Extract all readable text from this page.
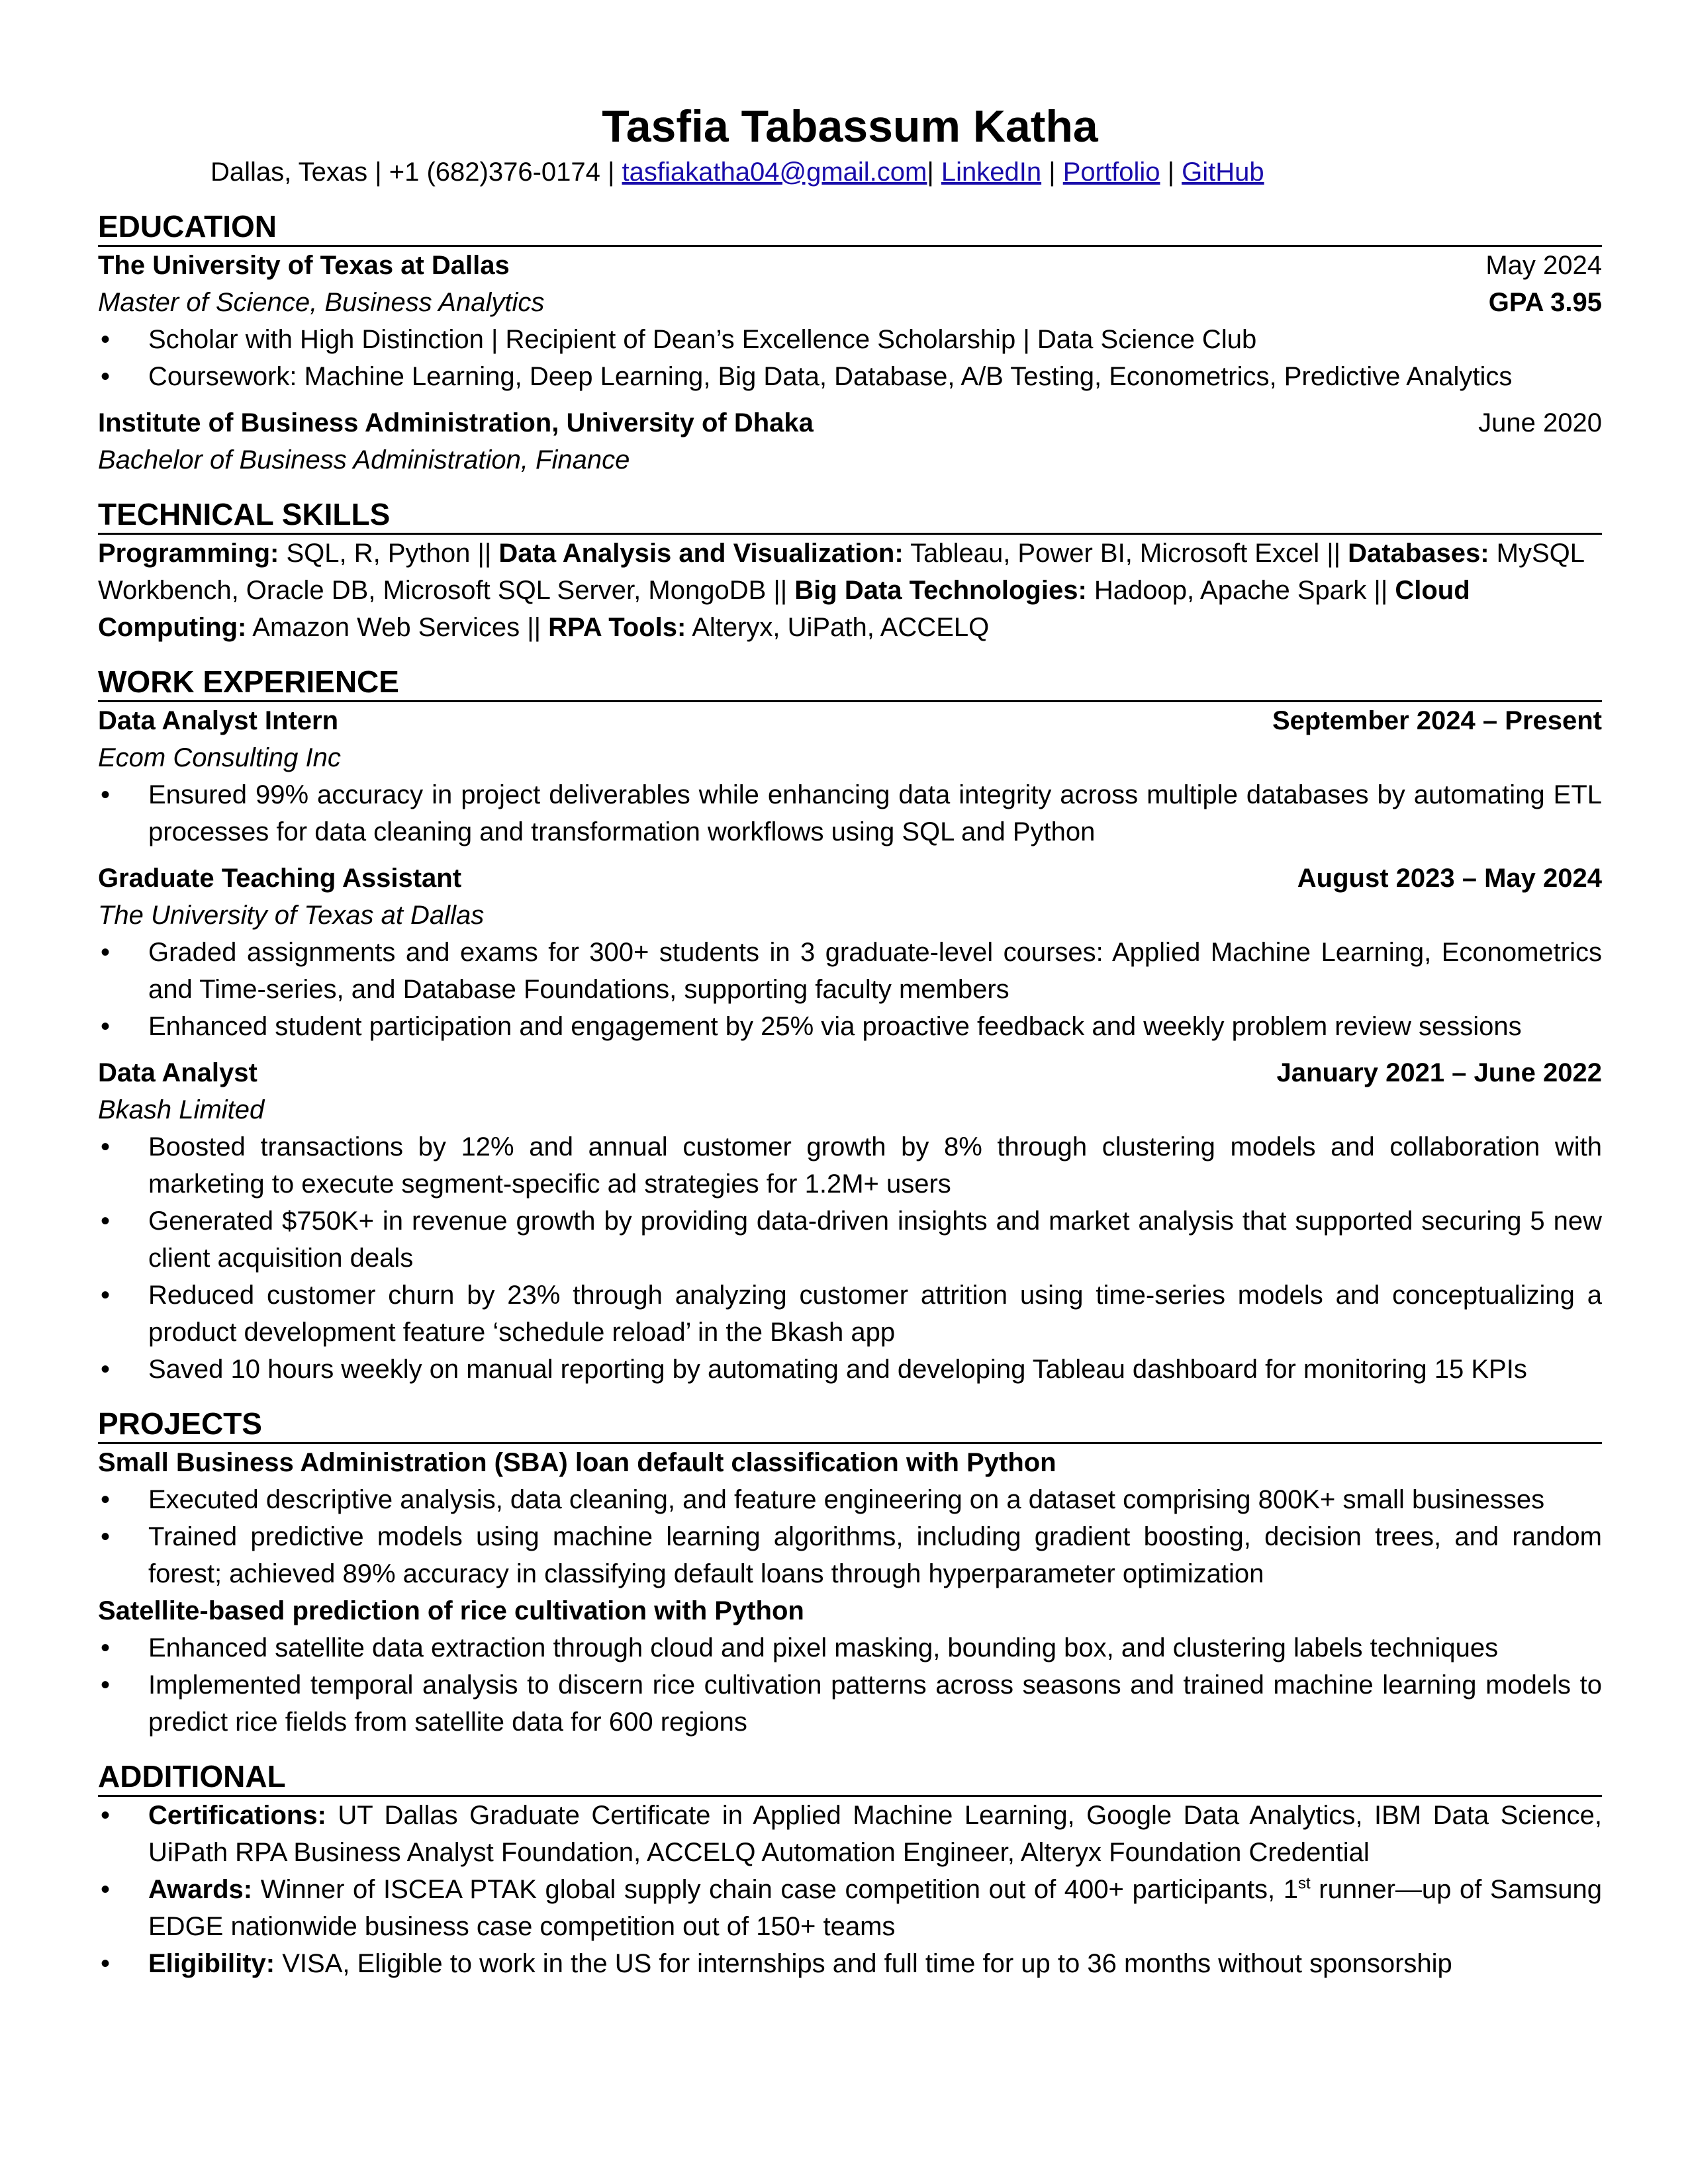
Tasfia Tabassum Katha
Dallas, Texas | +1 (682)376-0174 | tasfiakatha04@gmail.com| LinkedIn | Portfolio | GitHub
EDUCATION
The University of Texas at Dallas	May 2024
Master of Science, Business Analytics	GPA 3.95
• Scholar with High Distinction | Recipient of Dean’s Excellence Scholarship | Data Science Club
• Coursework: Machine Learning, Deep Learning, Big Data, Database, A/B Testing, Econometrics, Predictive Analytics
Institute of Business Administration, University of Dhaka	June 2020
Bachelor of Business Administration, Finance
TECHNICAL SKILLS
Programming: SQL, R, Python || Data Analysis and Visualization: Tableau, Power BI, Microsoft Excel || Databases: MySQL Workbench, Oracle DB, Microsoft SQL Server, MongoDB || Big Data Technologies: Hadoop, Apache Spark || Cloud Computing: Amazon Web Services || RPA Tools: Alteryx, UiPath, ACCELQ
WORK EXPERIENCE
Data Analyst Intern	September 2024 – Present
Ecom Consulting Inc
• Ensured 99% accuracy in project deliverables while enhancing data integrity across multiple databases by automating ETL processes for data cleaning and transformation workflows using SQL and Python
Graduate Teaching Assistant	August 2023 – May 2024
The University of Texas at Dallas
• Graded assignments and exams for 300+ students in 3 graduate-level courses: Applied Machine Learning, Econometrics and Time-series, and Database Foundations, supporting faculty members
• Enhanced student participation and engagement by 25% via proactive feedback and weekly problem review sessions
Data Analyst	January 2021 – June 2022
Bkash Limited
• Boosted transactions by 12% and annual customer growth by 8% through clustering models and collaboration with marketing to execute segment-specific ad strategies for 1.2M+ users
• Generated $750K+ in revenue growth by providing data-driven insights and market analysis that supported securing 5 new client acquisition deals
• Reduced customer churn by 23% through analyzing customer attrition using time-series models and conceptualizing a product development feature ‘schedule reload’ in the Bkash app
• Saved 10 hours weekly on manual reporting by automating and developing Tableau dashboard for monitoring 15 KPIs
PROJECTS
Small Business Administration (SBA) loan default classification with Python
• Executed descriptive analysis, data cleaning, and feature engineering on a dataset comprising 800K+ small businesses
• Trained predictive models using machine learning algorithms, including gradient boosting, decision trees, and random forest; achieved 89% accuracy in classifying default loans through hyperparameter optimization
Satellite-based prediction of rice cultivation with Python
• Enhanced satellite data extraction through cloud and pixel masking, bounding box, and clustering labels techniques
• Implemented temporal analysis to discern rice cultivation patterns across seasons and trained machine learning models to predict rice fields from satellite data for 600 regions
ADDITIONAL
• Certifications: UT Dallas Graduate Certificate in Applied Machine Learning, Google Data Analytics, IBM Data Science, UiPath RPA Business Analyst Foundation, ACCELQ Automation Engineer, Alteryx Foundation Credential
• Awards: Winner of ISCEA PTAK global supply chain case competition out of 400+ participants, 1st runner—up of Samsung EDGE nationwide business case competition out of 150+ teams
• Eligibility: VISA, Eligible to work in the US for internships and full time for up to 36 months without sponsorship
